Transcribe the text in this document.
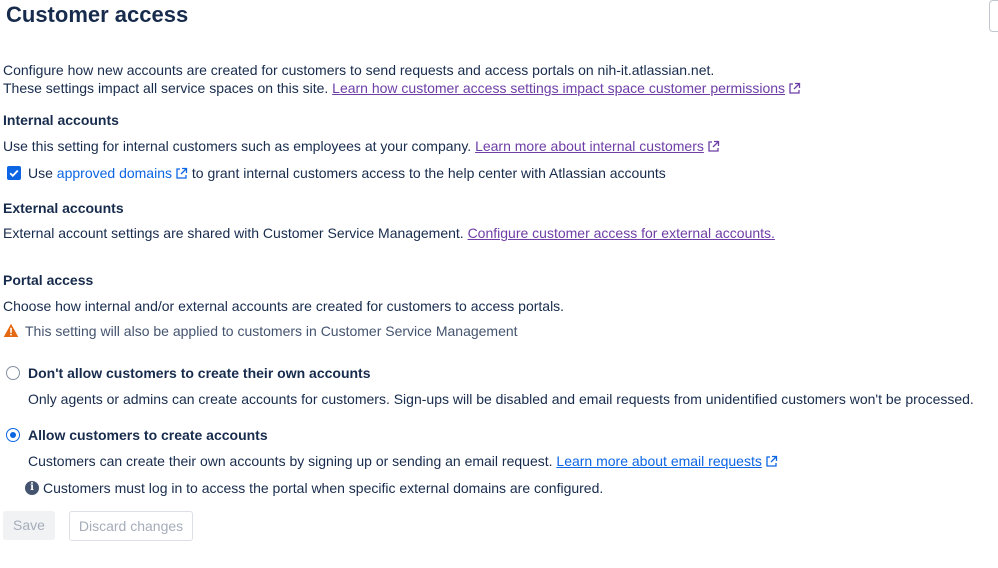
Customer access
Configure how new accounts are created for customers to send requests and access portals on nih-it.atlassian.net.
These settings impact all service spaces on this site. Learn how customer access settings impact space customer permissions
Internal accounts
Use this setting for internal customers such as employees at your company. Learn more about internal customers
Use approved domains to grant internal customers access to the help center with Atlassian accounts
External accounts
External account settings are shared with Customer Service Management. Configure customer access for external accounts.
Portal access
Choose how internal and/or external accounts are created for customers to access portals.
This setting will also be applied to customers in Customer Service Management
Don't allow customers to create their own accounts
Only agents or admins can create accounts for customers. Sign-ups will be disabled and email requests from unidentified customers won't be processed.
Allow customers to create accounts
Customers can create their own accounts by signing up or sending an email request. Learn more about email requests
i Customers must log in to access the portal when specific external domains are configured.
Save	Discard changes
